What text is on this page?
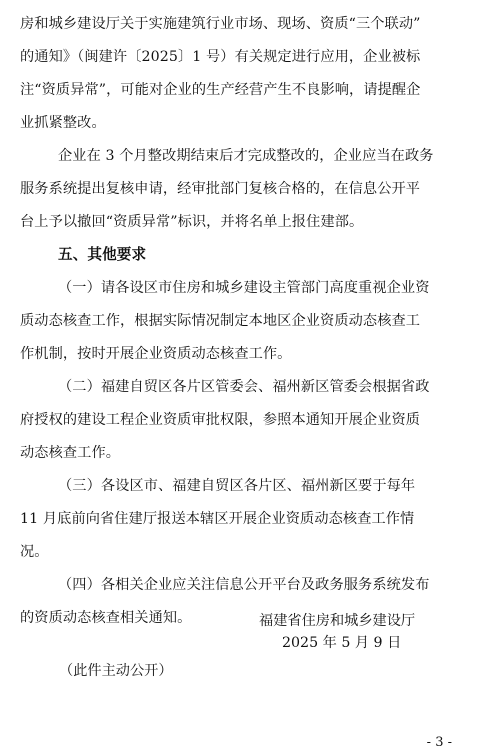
房和城乡建设厅关于实施建筑行业市场、现场、资质“三个联动”
的通知》（闽建许〔2025〕1 号）有关规定进行应用，企业被标
注“资质异常”，可能对企业的生产经营产生不良影响，请提醒企
业抓紧整改。
企业在 3 个月整改期结束后才完成整改的，企业应当在政务
服务系统提出复核申请，经审批部门复核合格的，在信息公开平
台上予以撤回“资质异常”标识，并将名单上报住建部。
五、其他要求
（一）请各设区市住房和城乡建设主管部门高度重视企业资
质动态核查工作，根据实际情况制定本地区企业资质动态核查工
作机制，按时开展企业资质动态核查工作。
（二）福建自贸区各片区管委会、福州新区管委会根据省政
府授权的建设工程企业资质审批权限，参照本通知开展企业资质
动态核查工作。
（三）各设区市、福建自贸区各片区、福州新区要于每年
11 月底前向省住建厅报送本辖区开展企业资质动态核查工作情
况。
（四）各相关企业应关注信息公开平台及政务服务系统发布
的资质动态核查相关通知。	福建省住房和城乡建设厅
2025 年 5 月 9 日
（此件主动公开）
- 3 -
